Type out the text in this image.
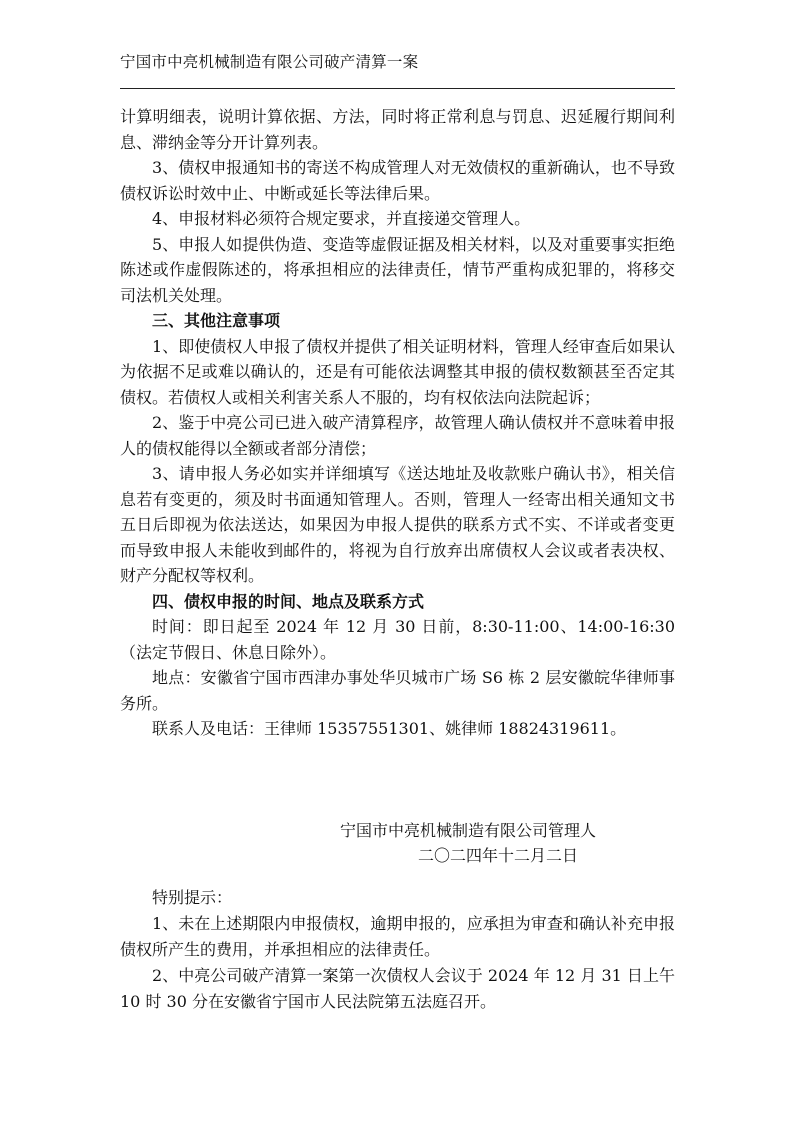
宁国市中亮机械制造有限公司破产清算一案

计算明细表，说明计算依据、方法，同时将正常利息与罚息、迟延履行期间利息、滞纳金等分开计算列表。

3、债权申报通知书的寄送不构成管理人对无效债权的重新确认，也不导致债权诉讼时效中止、中断或延长等法律后果。

4、申报材料必须符合规定要求，并直接递交管理人。

5、申报人如提供伪造、变造等虚假证据及相关材料，以及对重要事实拒绝陈述或作虚假陈述的，将承担相应的法律责任，情节严重构成犯罪的，将移交司法机关处理。

三、其他注意事项

1、即使债权人申报了债权并提供了相关证明材料，管理人经审查后如果认为依据不足或难以确认的，还是有可能依法调整其申报的债权数额甚至否定其债权。若债权人或相关利害关系人不服的，均有权依法向法院起诉；

2、鉴于中亮公司已进入破产清算程序，故管理人确认债权并不意味着申报人的债权能得以全额或者部分清偿；

3、请申报人务必如实并详细填写《送达地址及收款账户确认书》，相关信息若有变更的，须及时书面通知管理人。否则，管理人一经寄出相关通知文书五日后即视为依法送达，如果因为申报人提供的联系方式不实、不详或者变更而导致申报人未能收到邮件的，将视为自行放弃出席债权人会议或者表决权、财产分配权等权利。

四、债权申报的时间、地点及联系方式

时间：即日起至 2024 年 12 月 30 日前，8:30-11:00、14:00-16:30（法定节假日、休息日除外）。

地点：安徽省宁国市西津办事处华贝城市广场 S6 栋 2 层安徽皖华律师事务所。

联系人及电话：王律师 15357551301、姚律师 18824319611。

宁国市中亮机械制造有限公司管理人
二〇二四年十二月二日

特别提示：

1、未在上述期限内申报债权，逾期申报的，应承担为审查和确认补充申报债权所产生的费用，并承担相应的法律责任。

2、中亮公司破产清算一案第一次债权人会议于 2024 年 12 月 31 日上午 10 时 30 分在安徽省宁国市人民法院第五法庭召开。
